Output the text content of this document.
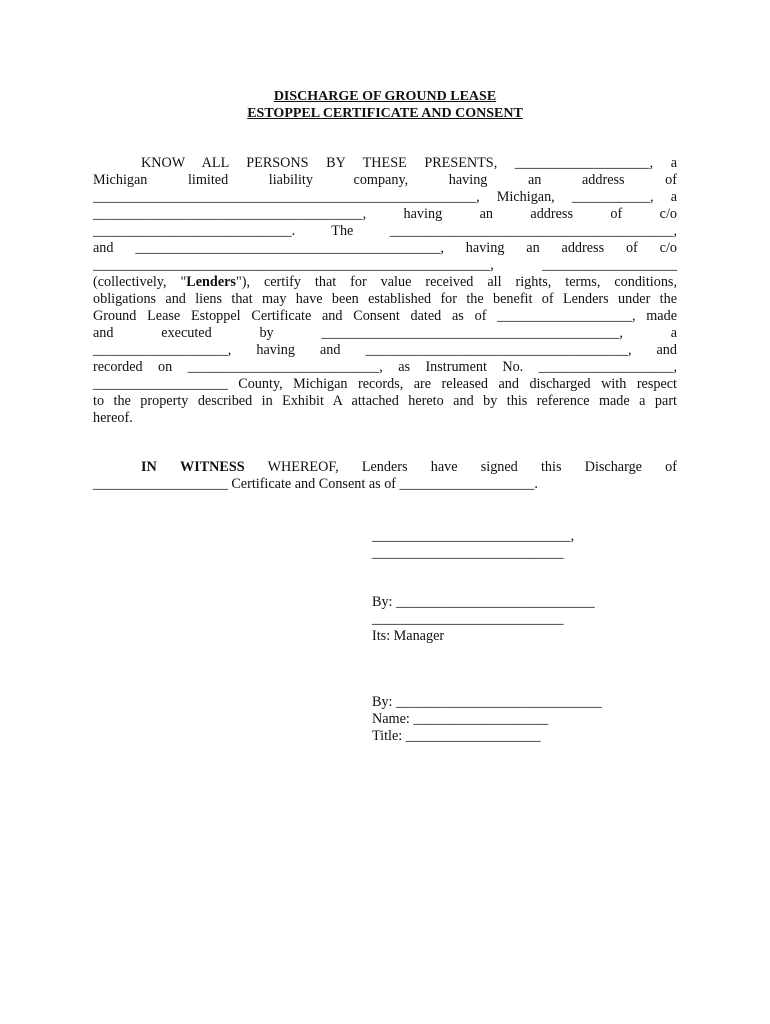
DISCHARGE OF GROUND LEASE
ESTOPPEL CERTIFICATE AND CONSENT
KNOW ALL PERSONS BY THESE PRESENTS, ___________________, a
Michigan limited liability company, having an address of
______________________________________________________, Michigan, ___________, a
______________________________________, having an address of c/o
____________________________. The ________________________________________,
and ___________________________________________, having an address of c/o
________________________________________________________, ___________________
(collectively, "Lenders"), certify that for value received all rights, terms, conditions,
obligations and liens that may have been established for the benefit of Lenders under the
Ground Lease Estoppel Certificate and Consent dated as of ___________________, made
and executed by __________________________________________, a
___________________, having and _____________________________________, and
recorded on ___________________________, as Instrument No. ___________________,
___________________ County, Michigan records, are released and discharged with respect
to the property described in Exhibit A attached hereto and by this reference made a part
hereof.
IN WITNESS WHEREOF, Lenders have signed this Discharge of
___________________ Certificate and Consent as of ___________________.
____________________________,
___________________________
By: ____________________________
___________________________
Its: Manager
By: _____________________________
Name: ___________________
Title: ___________________
